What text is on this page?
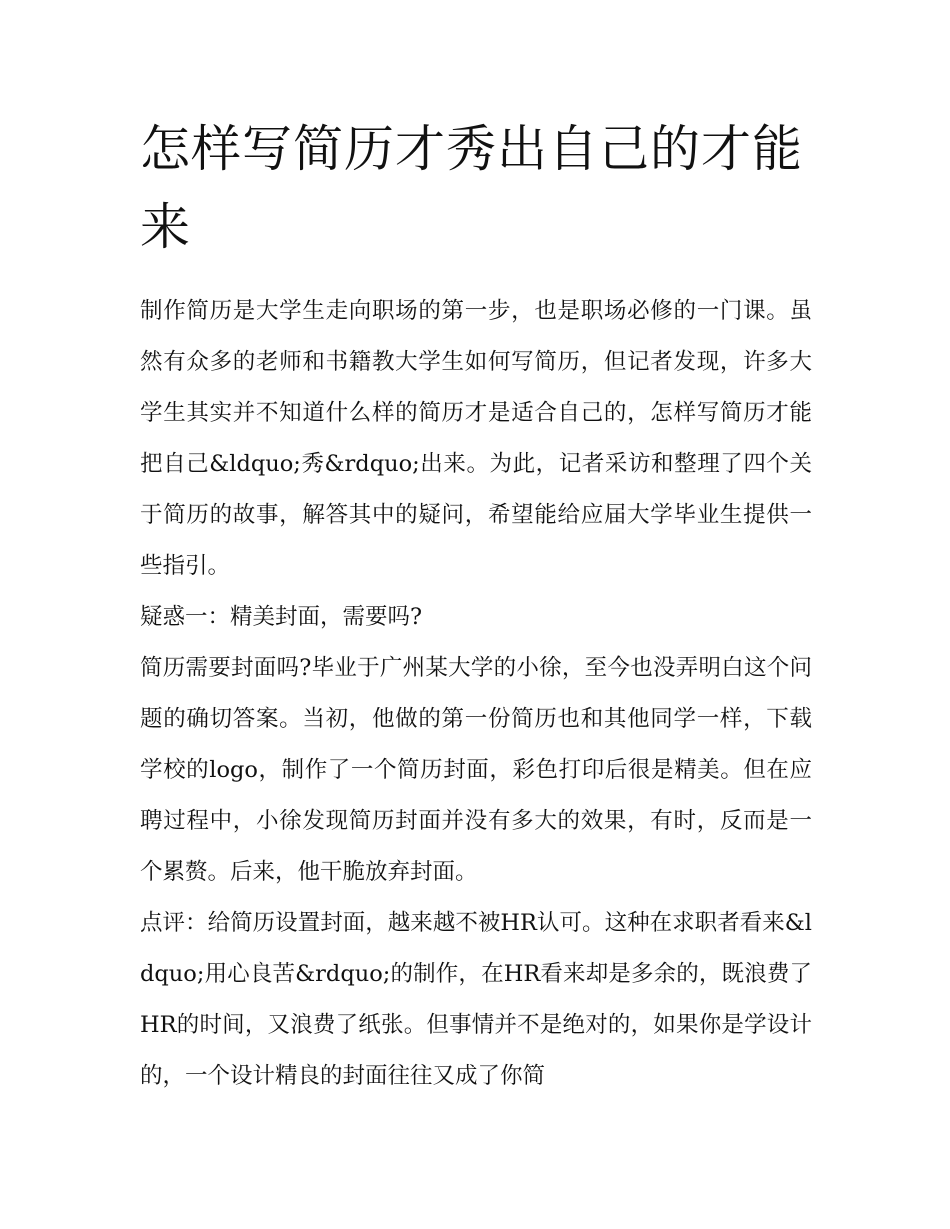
怎样写简历才秀出自己的才能来

制作简历是大学生走向职场的第一步，也是职场必修的一门课。虽然有众多的老师和书籍教大学生如何写简历，但记者发现，许多大学生其实并不知道什么样的简历才是适合自己的，怎样写简历才能把自己&ldquo;秀&rdquo;出来。为此，记者采访和整理了四个关于简历的故事，解答其中的疑问，希望能给应届大学毕业生提供一些指引。

疑惑一：精美封面，需要吗?

简历需要封面吗?毕业于广州某大学的小徐，至今也没弄明白这个问题的确切答案。当初，他做的第一份简历也和其他同学一样，下载学校的logo，制作了一个简历封面，彩色打印后很是精美。但在应聘过程中，小徐发现简历封面并没有多大的效果，有时，反而是一个累赘。后来，他干脆放弃封面。

点评：给简历设置封面，越来越不被HR认可。这种在求职者看来&ldquo;用心良苦&rdquo;的制作，在HR看来却是多余的，既浪费了HR的时间，又浪费了纸张。但事情并不是绝对的，如果你是学设计的，一个设计精良的封面往往又成了你简
